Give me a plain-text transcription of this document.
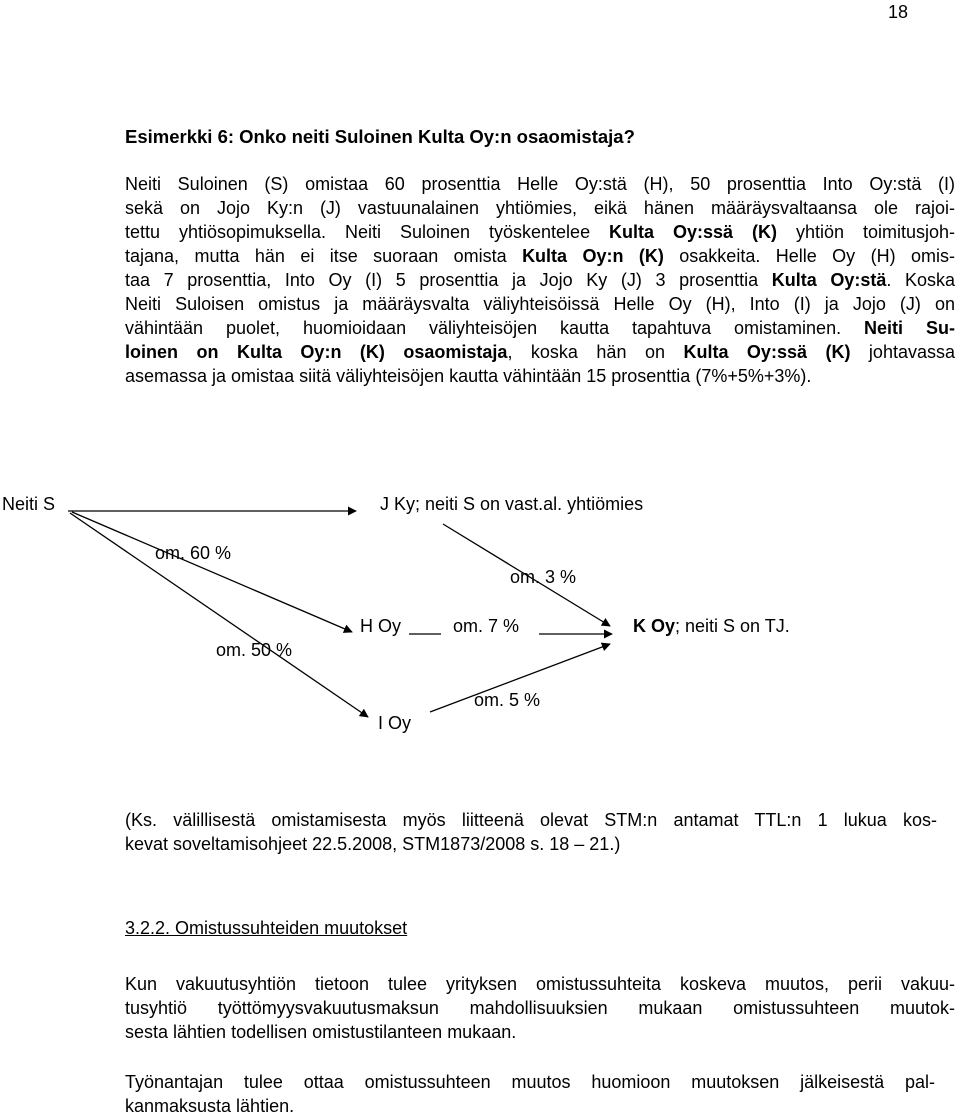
18
Esimerkki 6: Onko neiti Suloinen Kulta Oy:n osaomistaja?
Neiti Suloinen (S) omistaa 60 prosenttia Helle Oy:stä (H), 50 prosenttia Into Oy:stä (I)
sekä on Jojo Ky:n (J) vastuunalainen yhtiömies, eikä hänen määräysvaltaansa ole rajoi-
tettu yhtiösopimuksella. Neiti Suloinen työskentelee Kulta Oy:ssä (K) yhtiön toimitusjoh-
tajana, mutta hän ei itse suoraan omista Kulta Oy:n (K) osakkeita. Helle Oy (H) omis-
taa 7 prosenttia, Into Oy (I) 5 prosenttia ja Jojo Ky (J) 3 prosenttia Kulta Oy:stä. Koska
Neiti Suloisen omistus ja määräysvalta väliyhteisöissä Helle Oy (H), Into (I) ja Jojo (J) on
vähintään puolet, huomioidaan väliyhteisöjen kautta tapahtuva omistaminen. Neiti Su-
loinen on Kulta Oy:n (K) osaomistaja, koska hän on Kulta Oy:ssä (K) johtavassa
asemassa ja omistaa siitä väliyhteisöjen kautta vähintään 15 prosenttia (7%+5%+3%).
Neiti S	J Ky; neiti S on vast.al. yhtiömies
om. 60 %
om. 3 %
H Oy	om. 7 %	K Oy; neiti S on TJ.
om. 50 %
om. 5 %
I Oy
(Ks. välillisestä omistamisesta myös liitteenä olevat STM:n antamat TTL:n 1 lukua kos-
kevat soveltamisohjeet 22.5.2008, STM1873/2008 s. 18 – 21.)
3.2.2. Omistussuhteiden muutokset
Kun vakuutusyhtiön tietoon tulee yrityksen omistussuhteita koskeva muutos, perii vakuu-
tusyhtiö työttömyysvakuutusmaksun mahdollisuuksien mukaan omistussuhteen muutok-
sesta lähtien todellisen omistustilanteen mukaan.
Työnantajan tulee ottaa omistussuhteen muutos huomioon muutoksen jälkeisestä pal-
kanmaksusta lähtien.
